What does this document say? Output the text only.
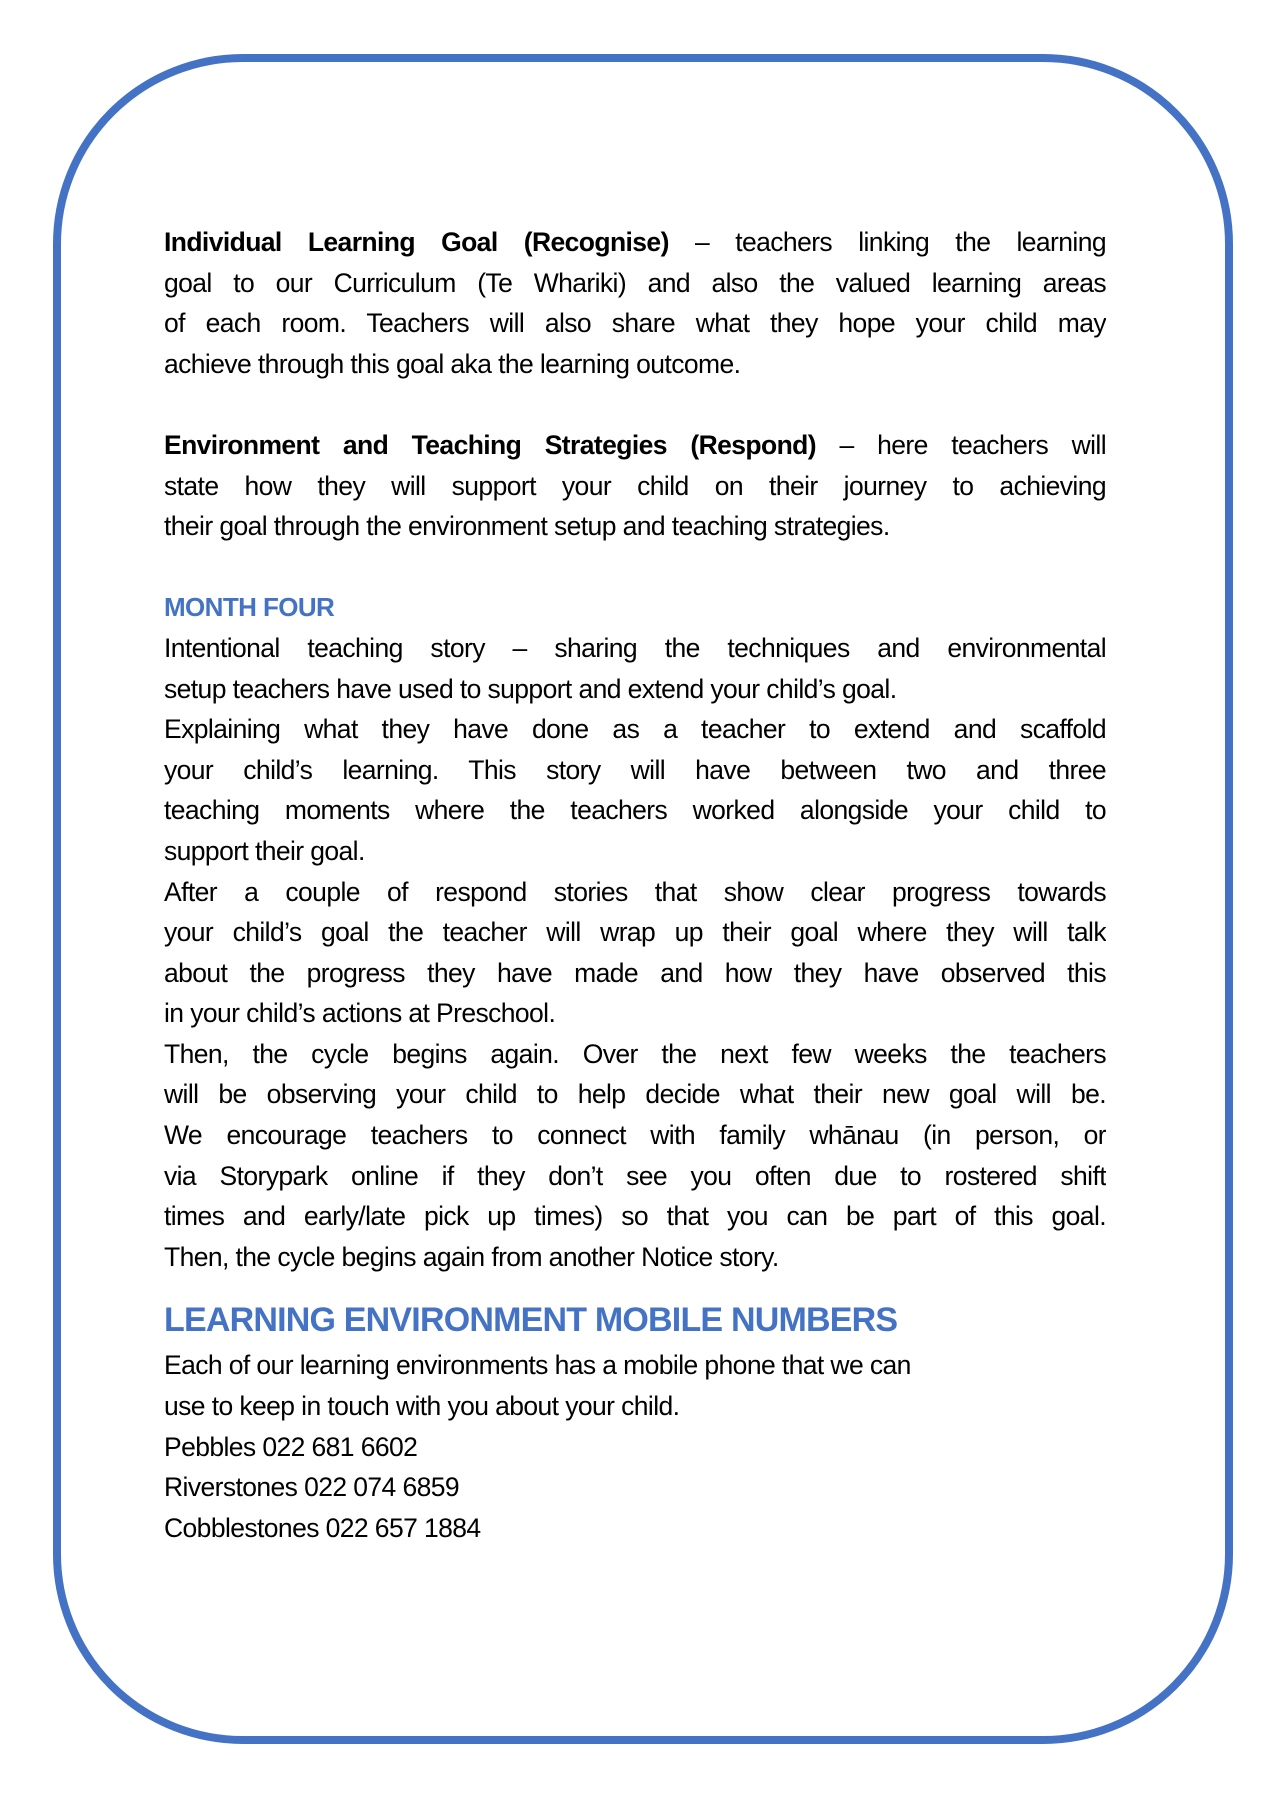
Individual Learning Goal (Recognise) – teachers linking the learning
goal to our Curriculum (Te Whariki) and also the valued learning areas
of each room. Teachers will also share what they hope your child may
achieve through this goal aka the learning outcome.
Environment and Teaching Strategies (Respond) – here teachers will
state how they will support your child on their journey to achieving
their goal through the environment setup and teaching strategies.
MONTH FOUR
Intentional teaching story – sharing the techniques and environmental
setup teachers have used to support and extend your child’s goal.
Explaining what they have done as a teacher to extend and scaffold
your child’s learning. This story will have between two and three
teaching moments where the teachers worked alongside your child to
support their goal.
After a couple of respond stories that show clear progress towards
your child’s goal the teacher will wrap up their goal where they will talk
about the progress they have made and how they have observed this
in your child’s actions at Preschool.
Then, the cycle begins again. Over the next few weeks the teachers
will be observing your child to help decide what their new goal will be.
We encourage teachers to connect with family whānau (in person, or
via Storypark online if they don’t see you often due to rostered shift
times and early/late pick up times) so that you can be part of this goal.
Then, the cycle begins again from another Notice story.
LEARNING ENVIRONMENT MOBILE NUMBERS
Each of our learning environments has a mobile phone that we can
use to keep in touch with you about your child.
Pebbles 022 681 6602
Riverstones 022 074 6859
Cobblestones 022 657 1884
